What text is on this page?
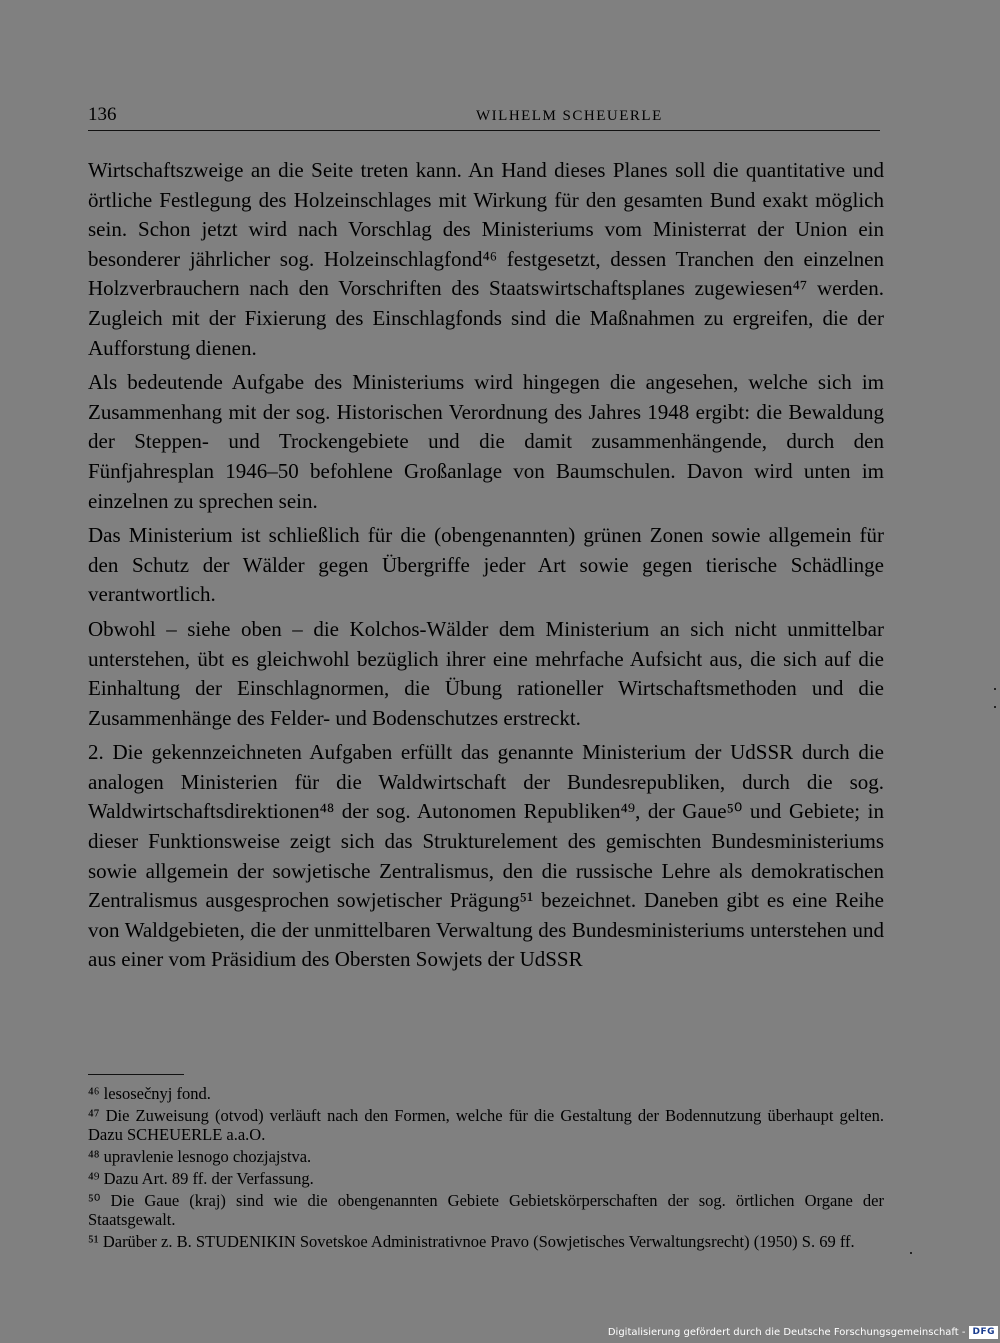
136	WILHELM SCHEUERLE

Wirtschaftszweige an die Seite treten kann. An Hand dieses Planes soll die quantitative und örtliche Festlegung des Holzeinschlages mit Wirkung für den gesamten Bund exakt möglich sein. Schon jetzt wird nach Vorschlag des Ministeriums vom Ministerrat der Union ein besonderer jährlicher sog. Holzeinschlagfond⁴⁶ festgesetzt, dessen Tranchen den einzelnen Holzverbrauchern nach den Vorschriften des Staatswirtschaftsplanes zugewiesen⁴⁷ werden. Zugleich mit der Fixierung des Einschlagfonds sind die Maßnahmen zu ergreifen, die der Aufforstung dienen.

Als bedeutende Aufgabe des Ministeriums wird hingegen die angesehen, welche sich im Zusammenhang mit der sog. Historischen Verordnung des Jahres 1948 ergibt: die Bewaldung der Steppen- und Trockengebiete und die damit zusammenhängende, durch den Fünfjahresplan 1946–50 befohlene Großanlage von Baumschulen. Davon wird unten im einzelnen zu sprechen sein.

Das Ministerium ist schließlich für die (obengenannten) grünen Zonen sowie allgemein für den Schutz der Wälder gegen Übergriffe jeder Art sowie gegen tierische Schädlinge verantwortlich.

Obwohl – siehe oben – die Kolchos-Wälder dem Ministerium an sich nicht unmittelbar unterstehen, übt es gleichwohl bezüglich ihrer eine mehrfache Aufsicht aus, die sich auf die Einhaltung der Einschlagnormen, die Übung rationeller Wirtschaftsmethoden und die Zusammenhänge des Felder- und Bodenschutzes erstreckt.

2. Die gekennzeichneten Aufgaben erfüllt das genannte Ministerium der UdSSR durch die analogen Ministerien für die Waldwirtschaft der Bundesrepubliken, durch die sog. Waldwirtschaftsdirektionen⁴⁸ der sog. Autonomen Republiken⁴⁹, der Gaue⁵⁰ und Gebiete; in dieser Funktionsweise zeigt sich das Strukturelement des gemischten Bundesministeriums sowie allgemein der sowjetische Zentralismus, den die russische Lehre als demokratischen Zentralismus ausgesprochen sowjetischer Prägung⁵¹ bezeichnet. Daneben gibt es eine Reihe von Waldgebieten, die der unmittelbaren Verwaltung des Bundesministeriums unterstehen und aus einer vom Präsidium des Obersten Sowjets der UdSSR

⁴⁶ lesosečnyj fond.

⁴⁷ Die Zuweisung (otvod) verläuft nach den Formen, welche für die Gestaltung der Bodennutzung überhaupt gelten. Dazu SCHEUERLE a.a.O.

⁴⁸ upravlenie lesnogo chozjajstva.

⁴⁹ Dazu Art. 89 ff. der Verfassung.

⁵⁰ Die Gaue (kraj) sind wie die obengenannten Gebiete Gebietskörperschaften der sog. örtlichen Organe der Staatsgewalt.

⁵¹ Darüber z. B. STUDENIKIN Sovetskoe Administrativnoe Pravo (Sowjetisches Verwaltungsrecht) (1950) S. 69 ff.

Digitalisierung gefördert durch die Deutsche Forschungsgemeinschaft - DFG
